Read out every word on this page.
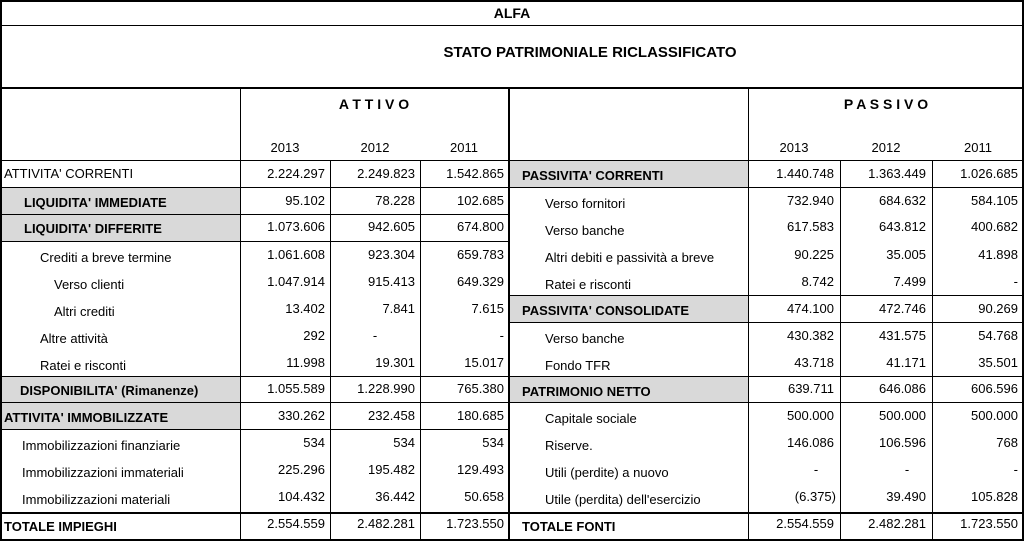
ALFA
STATO PATRIMONIALE RICLASSIFICATO
A T T I V O	P A S S I V O
2013	2012	2011	2013	2012	2011
ATTIVITA' CORRENTI	2.224.297	2.249.823	1.542.865
LIQUIDITA' IMMEDIATE	95.102	78.228	102.685
LIQUIDITA' DIFFERITE	1.073.606	942.605	674.800
Crediti a breve termine	1.061.608	923.304	659.783
Verso clienti	1.047.914	915.413	649.329
Altri crediti	13.402	7.841	7.615
Altre attività	292	-	-
Ratei e risconti	11.998	19.301	15.017
DISPONIBILITA' (Rimanenze)	1.055.589	1.228.990	765.380
ATTIVITA' IMMOBILIZZATE	330.262	232.458	180.685
Immobilizzazioni finanziarie	534	534	534
Immobilizzazioni immateriali	225.296	195.482	129.493
Immobilizzazioni materiali	104.432	36.442	50.658
TOTALE IMPIEGHI	2.554.559	2.482.281	1.723.550
PASSIVITA' CORRENTI	1.440.748	1.363.449	1.026.685
Verso fornitori	732.940	684.632	584.105
Verso banche	617.583	643.812	400.682
Altri debiti e passività a breve	90.225	35.005	41.898
Ratei e risconti	8.742	7.499	-
PASSIVITA' CONSOLIDATE	474.100	472.746	90.269
Verso banche	430.382	431.575	54.768
Fondo TFR	43.718	41.171	35.501
PATRIMONIO NETTO	639.711	646.086	606.596
Capitale sociale	500.000	500.000	500.000
Riserve.	146.086	106.596	768
Utili (perdite) a nuovo	-	-	-
Utile (perdita) dell'esercizio	(6.375)	39.490	105.828
TOTALE FONTI	2.554.559	2.482.281	1.723.550
